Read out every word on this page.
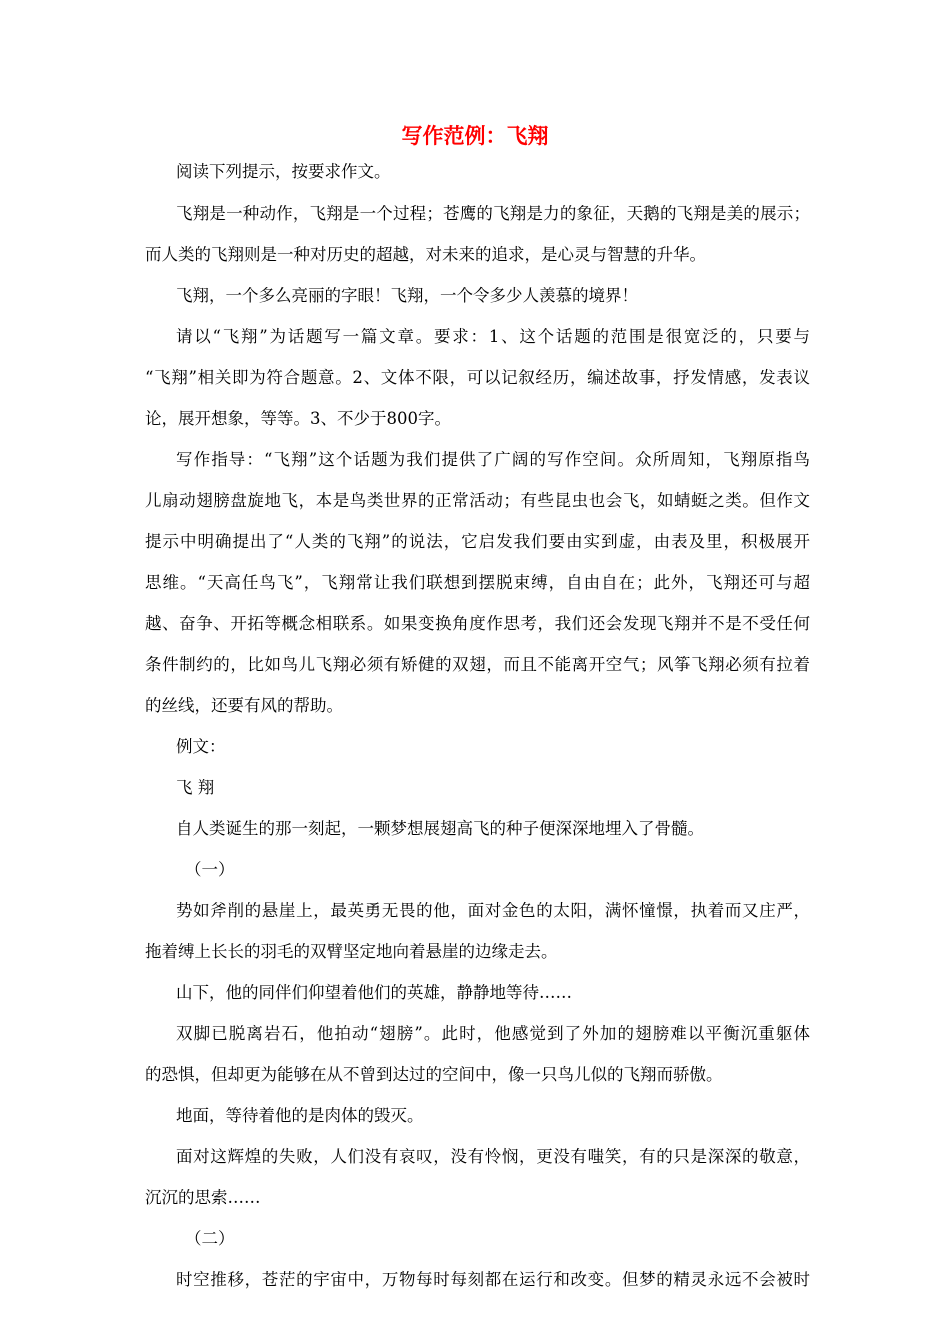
写作范例：飞翔

阅读下列提示，按要求作文。

飞翔是一种动作，飞翔是一个过程；苍鹰的飞翔是力的象征，天鹅的飞翔是美的展示；

而人类的飞翔则是一种对历史的超越，对未来的追求，是心灵与智慧的升华。

飞翔，一个多么亮丽的字眼！飞翔，一个令多少人羡慕的境界！

请以“飞翔”为话题写一篇文章。要求：1、这个话题的范围是很宽泛的，只要与

“飞翔”相关即为符合题意。2、文体不限，可以记叙经历，编述故事，抒发情感，发表议

论，展开想象，等等。3、不少于800字。

写作指导：“飞翔”这个话题为我们提供了广阔的写作空间。众所周知，飞翔原指鸟

儿扇动翅膀盘旋地飞，本是鸟类世界的正常活动；有些昆虫也会飞，如蜻蜓之类。但作文

提示中明确提出了“人类的飞翔”的说法，它启发我们要由实到虚，由表及里，积极展开

思维。“天高任鸟飞”，飞翔常让我们联想到摆脱束缚，自由自在；此外，飞翔还可与超

越、奋争、开拓等概念相联系。如果变换角度作思考，我们还会发现飞翔并不是不受任何

条件制约的，比如鸟儿飞翔必须有矫健的双翅，而且不能离开空气；风筝飞翔必须有拉着

的丝线，还要有风的帮助。

例文：

飞 翔

自人类诞生的那一刻起，一颗梦想展翅高飞的种子便深深地埋入了骨髓。

（一）

势如斧削的悬崖上，最英勇无畏的他，面对金色的太阳，满怀憧憬，执着而又庄严，

拖着缚上长长的羽毛的双臂坚定地向着悬崖的边缘走去。

山下，他的同伴们仰望着他们的英雄，静静地等待……

双脚已脱离岩石，他拍动“翅膀”。此时，他感觉到了外加的翅膀难以平衡沉重躯体

的恐惧，但却更为能够在从不曾到达过的空间中，像一只鸟儿似的飞翔而骄傲。

地面，等待着他的是肉体的毁灭。

面对这辉煌的失败，人们没有哀叹，没有怜悯，更没有嗤笑，有的只是深深的敬意，

沉沉的思索……

（二）

时空推移，苍茫的宇宙中，万物每时每刻都在运行和改变。但梦的精灵永远不会被时
